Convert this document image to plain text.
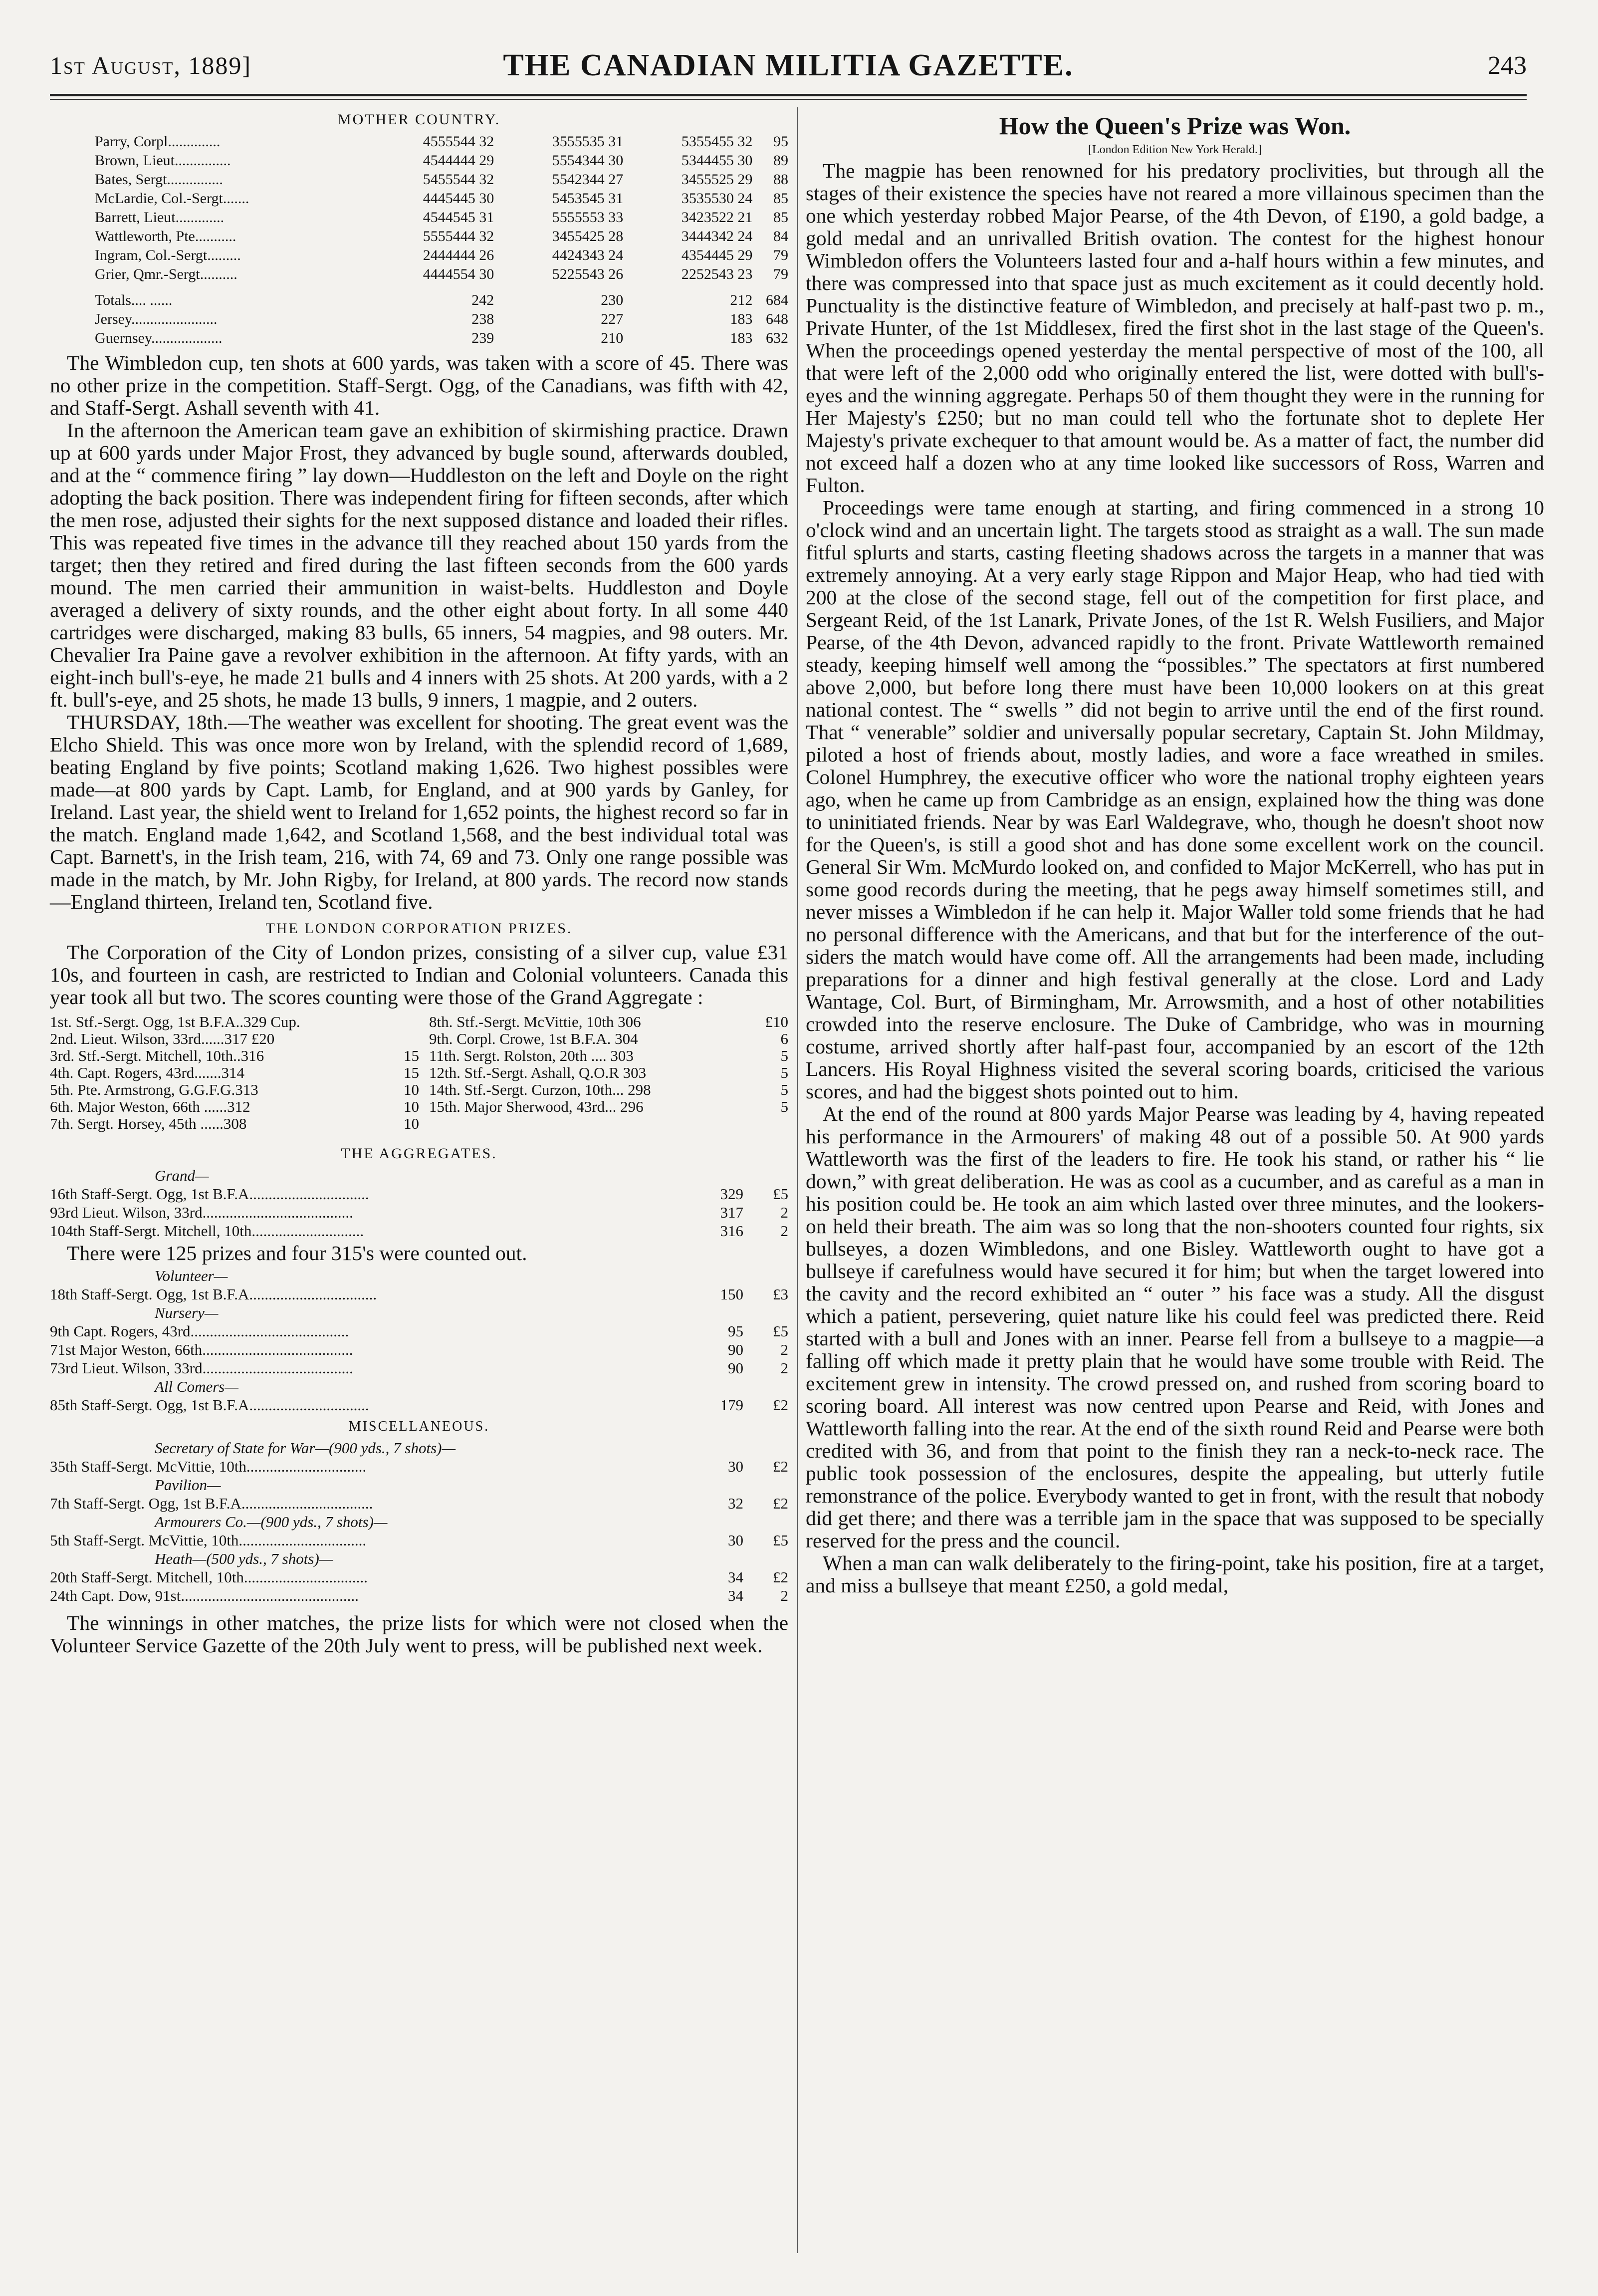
1st August, 1889]	THE CANADIAN MILITIA GAZETTE.	243
MOTHER COUNTRY.
Parry, Corpl..............	4555544 32	3555535 31	5355455 32	95
Brown, Lieut...............	4544444 29	5554344 30	5344455 30	89
Bates, Sergt...............	5455544 32	5542344 27	3455525 29	88
McLardie, Col.-Sergt.......	4445445 30	5453545 31	3535530 24	85
Barrett, Lieut.............	4544545 31	5555553 33	3423522 21	85
Wattleworth, Pte...........	5555444 32	3455425 28	3444342 24	84
Ingram, Col.-Sergt.........	2444444 26	4424343 24	4354445 29	79
Grier, Qmr.-Sergt..........	4444554 30	5225543 26	2252543 23	79

Totals.... ......	242	230	212	684
Jersey.......................	238	227	183	648
Guernsey...................	239	210	183	632

The Wimbledon cup, ten shots at 600 yards, was taken with a score of 45. There was no other prize in the competition. Staff-Sergt. Ogg, of the Canadians, was fifth with 42, and Staff-Sergt. Ashall seventh with 41.

In the afternoon the American team gave an exhibition of skirmishing practice. Drawn up at 600 yards under Major Frost, they advanced by bugle sound, afterwards doubled, and at the “ commence firing ” lay down—Huddleston on the left and Doyle on the right adopting the back position. There was independent firing for fifteen seconds, after which the men rose, adjusted their sights for the next supposed distance and loaded their rifles. This was repeated five times in the advance till they reached about 150 yards from the target; then they retired and fired during the last fifteen seconds from the 600 yards mound. The men carried their ammunition in waist-belts. Huddleston and Doyle averaged a delivery of sixty rounds, and the other eight about forty. In all some 440 cartridges were discharged, making 83 bulls, 65 inners, 54 magpies, and 98 outers. Mr. Chevalier Ira Paine gave a revolver exhibition in the afternoon. At fifty yards, with an eight-inch bull's-eye, he made 21 bulls and 4 inners with 25 shots. At 200 yards, with a 2 ft. bull's-eye, and 25 shots, he made 13 bulls, 9 inners, 1 magpie, and 2 outers.

THURSDAY, 18th.—The weather was excellent for shooting. The great event was the Elcho Shield. This was once more won by Ireland, with the splendid record of 1,689, beating England by five points; Scotland making 1,626. Two highest possibles were made—at 800 yards by Capt. Lamb, for England, and at 900 yards by Ganley, for Ireland. Last year, the shield went to Ireland for 1,652 points, the highest record so far in the match. England made 1,642, and Scotland 1,568, and the best individual total was Capt. Barnett's, in the Irish team, 216, with 74, 69 and 73. Only one range possible was made in the match, by Mr. John Rigby, for Ireland, at 800 yards. The record now stands—England thirteen, Ireland ten, Scotland five.

THE LONDON CORPORATION PRIZES.

The Corporation of the City of London prizes, consisting of a silver cup, value £31 10s, and fourteen in cash, are restricted to Indian and Colonial volunteers. Canada this year took all but two. The scores counting were those of the Grand Aggregate :

1st. Stf.-Sergt. Ogg, 1st B.F.A..329 Cup.
2nd. Lieut. Wilson, 33rd......317 £20
3rd. Stf.-Sergt. Mitchell, 10th..316	15
4th. Capt. Rogers, 43rd.......314	15
5th. Pte. Armstrong, G.G.F.G.313	10
6th. Major Weston, 66th ......312	10
7th. Sergt. Horsey, 45th ......308	10
8th. Stf.-Sergt. McVittie, 10th 306	£10
9th. Corpl. Crowe, 1st B.F.A. 304	6
11th. Sergt. Rolston, 20th .... 303	5
12th. Stf.-Sergt. Ashall, Q.O.R 303	5
14th. Stf.-Sergt. Curzon, 10th... 298	5
15th. Major Sherwood, 43rd... 296	5
THE AGGREGATES.
Grand—
16th Staff-Sergt. Ogg, 1st B.F.A...............................	329	£5
93rd Lieut. Wilson, 33rd.......................................	317	2
104th Staff-Sergt. Mitchell, 10th.............................	316	2

There were 125 prizes and four 315's were counted out.

Volunteer—
18th Staff-Sergt. Ogg, 1st B.F.A.................................	150	£3
Nursery—
9th Capt. Rogers, 43rd.........................................	95	£5
71st Major Weston, 66th.......................................	90	2
73rd Lieut. Wilson, 33rd.......................................	90	2
All Comers—
85th Staff-Sergt. Ogg, 1st B.F.A...............................	179	£2
MISCELLANEOUS.
Secretary of State for War—(900 yds., 7 shots)—
35th Staff-Sergt. McVittie, 10th...............................	30	£2
Pavilion—
7th Staff-Sergt. Ogg, 1st B.F.A..................................	32	£2
Armourers Co.—(900 yds., 7 shots)—
5th Staff-Sergt. McVittie, 10th.................................	30	£5
Heath—(500 yds., 7 shots)—
20th Staff-Sergt. Mitchell, 10th................................	34	£2
24th Capt. Dow, 91st..............................................	34	2

The winnings in other matches, the prize lists for which were not closed when the Volunteer Service Gazette of the 20th July went to press, will be published next week.

How the Queen's Prize was Won.
[London Edition New York Herald.]

The magpie has been renowned for his predatory proclivities, but through all the stages of their existence the species have not reared a more villainous specimen than the one which yesterday robbed Major Pearse, of the 4th Devon, of £190, a gold badge, a gold medal and an unrivalled British ovation. The contest for the highest honour Wimbledon offers the Volunteers lasted four and a-half hours within a few minutes, and there was compressed into that space just as much excitement as it could decently hold. Punctuality is the distinctive feature of Wimbledon, and precisely at half-past two p. m., Private Hunter, of the 1st Middlesex, fired the first shot in the last stage of the Queen's. When the proceedings opened yesterday the mental perspective of most of the 100, all that were left of the 2,000 odd who originally entered the list, were dotted with bull's-eyes and the winning aggregate. Perhaps 50 of them thought they were in the running for Her Majesty's £250; but no man could tell who the fortunate shot to deplete Her Majesty's private exchequer to that amount would be. As a matter of fact, the number did not exceed half a dozen who at any time looked like successors of Ross, Warren and Fulton.

Proceedings were tame enough at starting, and firing commenced in a strong 10 o'clock wind and an uncertain light. The targets stood as straight as a wall. The sun made fitful splurts and starts, casting fleeting shadows across the targets in a manner that was extremely annoying. At a very early stage Rippon and Major Heap, who had tied with 200 at the close of the second stage, fell out of the competition for first place, and Sergeant Reid, of the 1st Lanark, Private Jones, of the 1st R. Welsh Fusiliers, and Major Pearse, of the 4th Devon, advanced rapidly to the front. Private Wattleworth remained steady, keeping himself well among the “possibles.” The spectators at first numbered above 2,000, but before long there must have been 10,000 lookers on at this great national contest. The “ swells ” did not begin to arrive until the end of the first round. That “ venerable” soldier and universally popular secretary, Captain St. John Mildmay, piloted a host of friends about, mostly ladies, and wore a face wreathed in smiles. Colonel Humphrey, the executive officer who wore the national trophy eighteen years ago, when he came up from Cambridge as an ensign, explained how the thing was done to uninitiated friends. Near by was Earl Waldegrave, who, though he doesn't shoot now for the Queen's, is still a good shot and has done some excellent work on the council. General Sir Wm. McMurdo looked on, and confided to Major McKerrell, who has put in some good records during the meeting, that he pegs away himself sometimes still, and never misses a Wimbledon if he can help it. Major Waller told some friends that he had no personal difference with the Americans, and that but for the interference of the out-siders the match would have come off. All the arrangements had been made, including preparations for a dinner and high festival generally at the close. Lord and Lady Wantage, Col. Burt, of Birmingham, Mr. Arrowsmith, and a host of other notabilities crowded into the reserve enclosure. The Duke of Cambridge, who was in mourning costume, arrived shortly after half-past four, accompanied by an escort of the 12th Lancers. His Royal Highness visited the several scoring boards, criticised the various scores, and had the biggest shots pointed out to him.

At the end of the round at 800 yards Major Pearse was leading by 4, having repeated his performance in the Armourers' of making 48 out of a possible 50. At 900 yards Wattleworth was the first of the leaders to fire. He took his stand, or rather his “ lie down,” with great deliberation. He was as cool as a cucumber, and as careful as a man in his position could be. He took an aim which lasted over three minutes, and the lookers-on held their breath. The aim was so long that the non-shooters counted four rights, six bullseyes, a dozen Wimbledons, and one Bisley. Wattleworth ought to have got a bullseye if carefulness would have secured it for him; but when the target lowered into the cavity and the record exhibited an “ outer ” his face was a study. All the disgust which a patient, persevering, quiet nature like his could feel was predicted there. Reid started with a bull and Jones with an inner. Pearse fell from a bullseye to a magpie—a falling off which made it pretty plain that he would have some trouble with Reid. The excitement grew in intensity. The crowd pressed on, and rushed from scoring board to scoring board. All interest was now centred upon Pearse and Reid, with Jones and Wattleworth falling into the rear. At the end of the sixth round Reid and Pearse were both credited with 36, and from that point to the finish they ran a neck-to-neck race. The public took possession of the enclosures, despite the appealing, but utterly futile remonstrance of the police. Everybody wanted to get in front, with the result that nobody did get there; and there was a terrible jam in the space that was supposed to be specially reserved for the press and the council.

When a man can walk deliberately to the firing-point, take his position, fire at a target, and miss a bullseye that meant £250, a gold medal,
